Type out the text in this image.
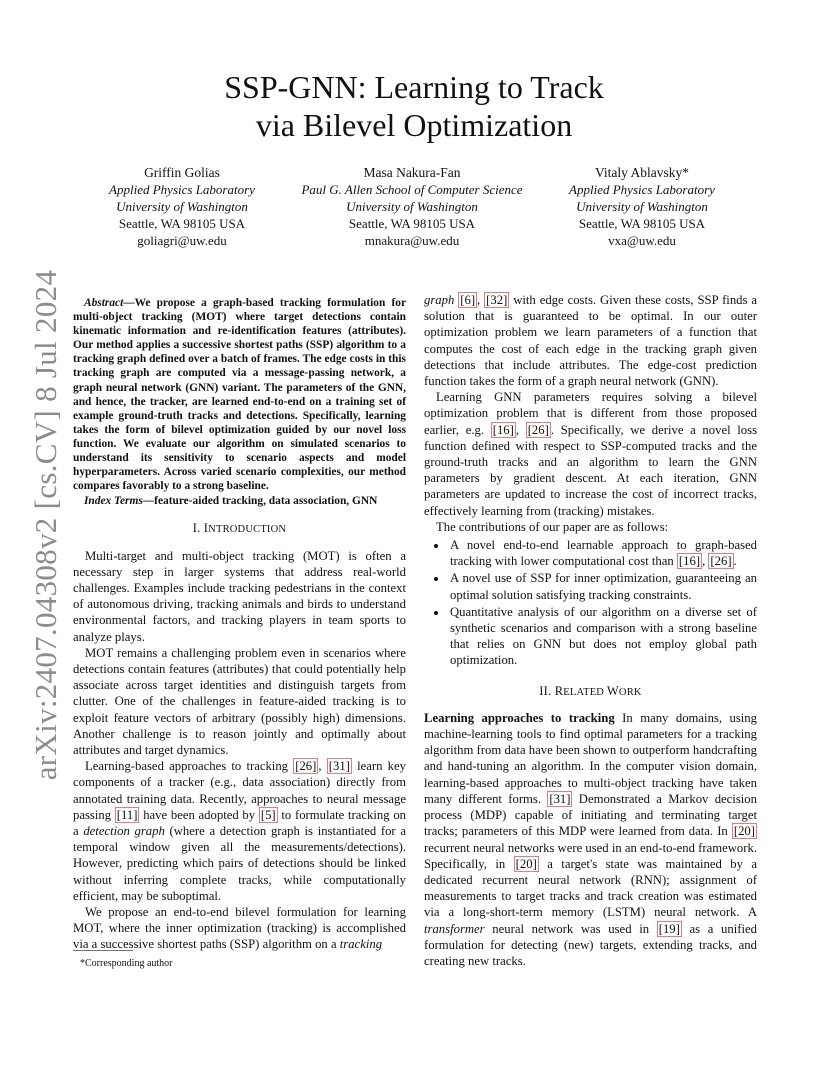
SSP-GNN: Learning to Track
via Bilevel Optimization
Griffin Golias
Applied Physics Laboratory
University of Washington
Seattle, WA 98105 USA
goliagri@uw.edu
Masa Nakura-Fan
Paul G. Allen School of Computer Science
University of Washington
Seattle, WA 98105 USA
mnakura@uw.edu
Vitaly Ablavsky*
Applied Physics Laboratory
University of Washington
Seattle, WA 98105 USA
vxa@uw.edu
arXiv:2407.04308v2 [cs.CV] 8 Jul 2024	Abstract—We propose a graph-based tracking formulation for multi-object tracking (MOT) where target detections contain kinematic information and re-identification features (attributes). Our method applies a successive shortest paths (SSP) algorithm to a tracking graph defined over a batch of frames. The edge costs in this tracking graph are computed via a message-passing network, a graph neural network (GNN) variant. The parameters of the GNN, and hence, the tracker, are learned end-to-end on a training set of example ground-truth tracks and detections. Specifically, learning takes the form of bilevel optimization guided by our novel loss function. We evaluate our algorithm on simulated scenarios to understand its sensitivity to scenario aspects and model hyperparameters. Across varied scenario complexities, our method compares favorably to a strong baseline.

Index Terms—feature-aided tracking, data association, GNN

I. INTRODUCTION

Multi-target and multi-object tracking (MOT) is often a necessary step in larger systems that address real-world challenges. Examples include tracking pedestrians in the context of autonomous driving, tracking animals and birds to understand environmental factors, and tracking players in team sports to analyze plays.

MOT remains a challenging problem even in scenarios where detections contain features (attributes) that could potentially help associate across target identities and distinguish targets from clutter. One of the challenges in feature-aided tracking is to exploit feature vectors of arbitrary (possibly high) dimensions. Another challenge is to reason jointly and optimally about attributes and target dynamics.

Learning-based approaches to tracking [26] , [31] learn key components of a tracker (e.g., data association) directly from annotated training data. Recently, approaches to neural message passing [11] have been adopted by [5] to formulate tracking on a detection graph (where a detection graph is instantiated for a temporal window given all the measurements/detections). However, predicting which pairs of detections should be linked without inferring complete tracks, while computationally efficient, may be suboptimal.

We propose an end-to-end bilevel formulation for learning MOT, where the inner optimization (tracking) is accomplished via a successive shortest paths (SSP) algorithm on a tracking

graph [6] , [32] with edge costs. Given these costs, SSP finds a solution that is guaranteed to be optimal. In our outer optimization problem we learn parameters of a function that computes the cost of each edge in the tracking graph given detections that include attributes. The edge-cost prediction function takes the form of a graph neural network (GNN).

Learning GNN parameters requires solving a bilevel optimization problem that is different from those proposed earlier, e.g. [16] , [26] . Specifically, we derive a novel loss function defined with respect to SSP-computed tracks and the ground-truth tracks and an algorithm to learn the GNN parameters by gradient descent. At each iteration, GNN parameters are updated to increase the cost of incorrect tracks, effectively learning from (tracking) mistakes.

The contributions of our paper are as follows:

• A novel end-to-end learnable approach to graph-based tracking with lower computational cost than [16] , [26] .
• A novel use of SSP for inner optimization, guaranteeing an optimal solution satisfying tracking constraints.
• Quantitative analysis of our algorithm on a diverse set of synthetic scenarios and comparison with a strong baseline that relies on GNN but does not employ global path optimization.
II. RELATED WORK

Learning approaches to tracking In many domains, using machine-learning tools to find optimal parameters for a tracking algorithm from data have been shown to outperform handcrafting and hand-tuning an algorithm. In the computer vision domain, learning-based approaches to multi-object tracking have taken many different forms. [31] Demonstrated a Markov decision process (MDP) capable of initiating and terminating target tracks; parameters of this MDP were learned from data. In [20] recurrent neural networks were used in an end-to-end framework. Specifically, in [20] a target's state was maintained by a dedicated recurrent neural network (RNN); assignment of measurements to target tracks and track creation was estimated via a long-short-term memory (LSTM) neural network. A transformer neural network was used in [19] as a unified formulation for detecting (new) targets, extending tracks, and creating new tracks.

*Corresponding author
